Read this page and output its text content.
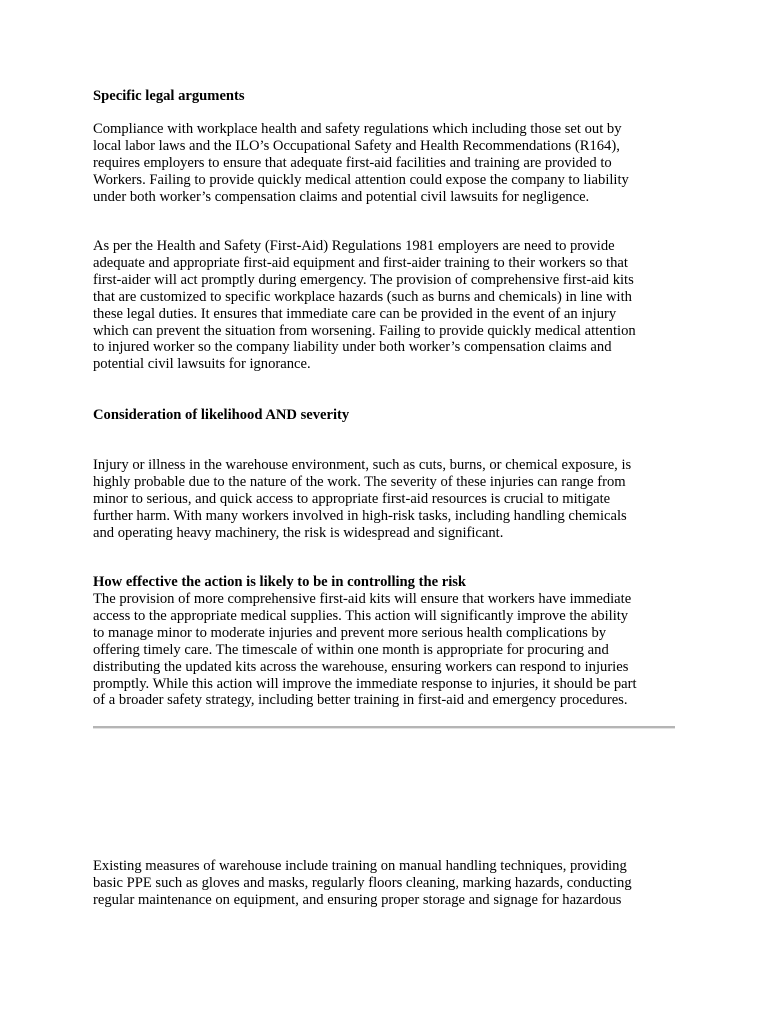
Specific legal arguments

Compliance with workplace health and safety regulations which including those set out by
local labor laws and the ILO’s Occupational Safety and Health Recommendations (R164),
requires employers to ensure that adequate first-aid facilities and training are provided to
Workers. Failing to provide quickly medical attention could expose the company to liability
under both worker’s compensation claims and potential civil lawsuits for negligence.
As per the Health and Safety (First-Aid) Regulations 1981 employers are need to provide
adequate and appropriate first-aid equipment and first-aider training to their workers so that
first-aider will act promptly during emergency. The provision of comprehensive first-aid kits
that are customized to specific workplace hazards (such as burns and chemicals) in line with
these legal duties. It ensures that immediate care can be provided in the event of an injury
which can prevent the situation from worsening. Failing to provide quickly medical attention
to injured worker so the company liability under both worker’s compensation claims and
potential civil lawsuits for ignorance.

Consideration of likelihood AND severity

Injury or illness in the warehouse environment, such as cuts, burns, or chemical exposure, is
highly probable due to the nature of the work. The severity of these injuries can range from
minor to serious, and quick access to appropriate first-aid resources is crucial to mitigate
further harm. With many workers involved in high-risk tasks, including handling chemicals
and operating heavy machinery, the risk is widespread and significant.

How effective the action is likely to be in controlling the risk

The provision of more comprehensive first-aid kits will ensure that workers have immediate
access to the appropriate medical supplies. This action will significantly improve the ability
to manage minor to moderate injuries and prevent more serious health complications by
offering timely care. The timescale of within one month is appropriate for procuring and
distributing the updated kits across the warehouse, ensuring workers can respond to injuries
promptly. While this action will improve the immediate response to injuries, it should be part
of a broader safety strategy, including better training in first-aid and emergency procedures.
Existing measures of warehouse include training on manual handling techniques, providing
basic PPE such as gloves and masks, regularly floors cleaning, marking hazards, conducting
regular maintenance on equipment, and ensuring proper storage and signage for hazardous
